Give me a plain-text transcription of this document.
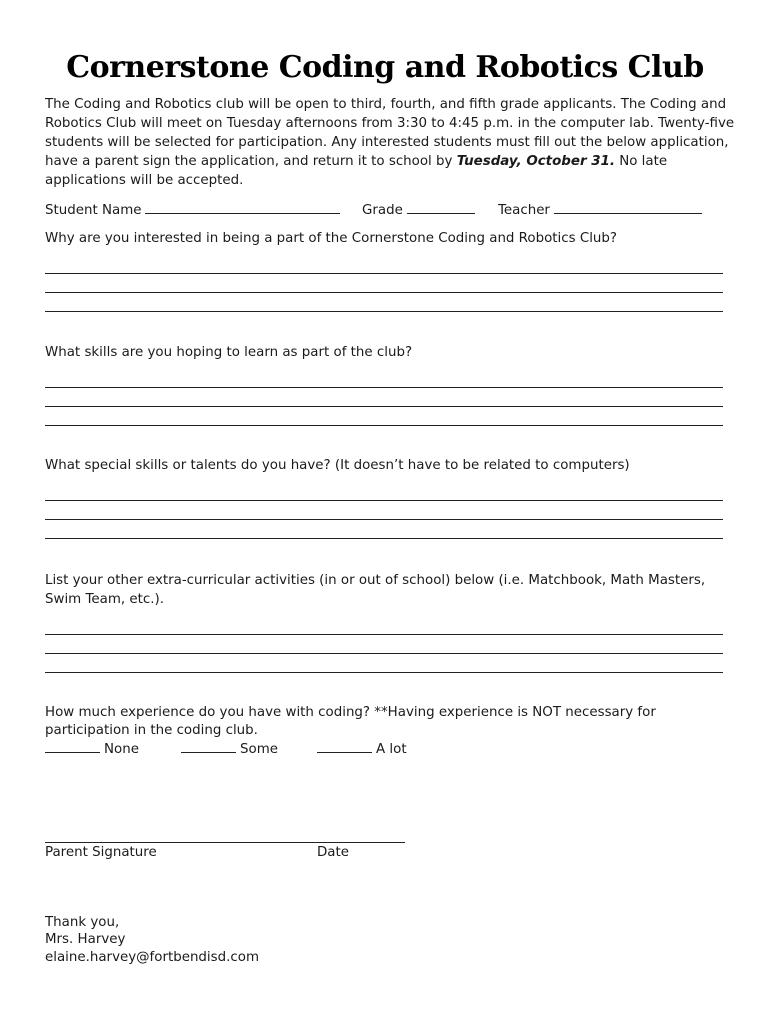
Cornerstone Coding and Robotics Club
The Coding and Robotics club will be open to third, fourth, and fifth grade applicants. The Coding and Robotics Club will meet on Tuesday afternoons from 3:30 to 4:45 p.m. in the computer lab. Twenty-five students will be selected for participation. Any interested students must fill out the below application, have a parent sign the application, and return it to school by Tuesday, October 31. No late applications will be accepted.
Student Name	Grade	Teacher
Why are you interested in being a part of the Cornerstone Coding and Robotics Club?
What skills are you hoping to learn as part of the club?
What special skills or talents do you have? (It doesn’t have to be related to computers)
List your other extra-curricular activities (in or out of school) below (i.e. Matchbook, Math Masters,
Swim Team, etc.).
How much experience do you have with coding? **Having experience is NOT necessary for
participation in the coding club.
None	Some	A lot
Parent Signature	Date
Thank you,
Mrs. Harvey
elaine.harvey@fortbendisd.com
